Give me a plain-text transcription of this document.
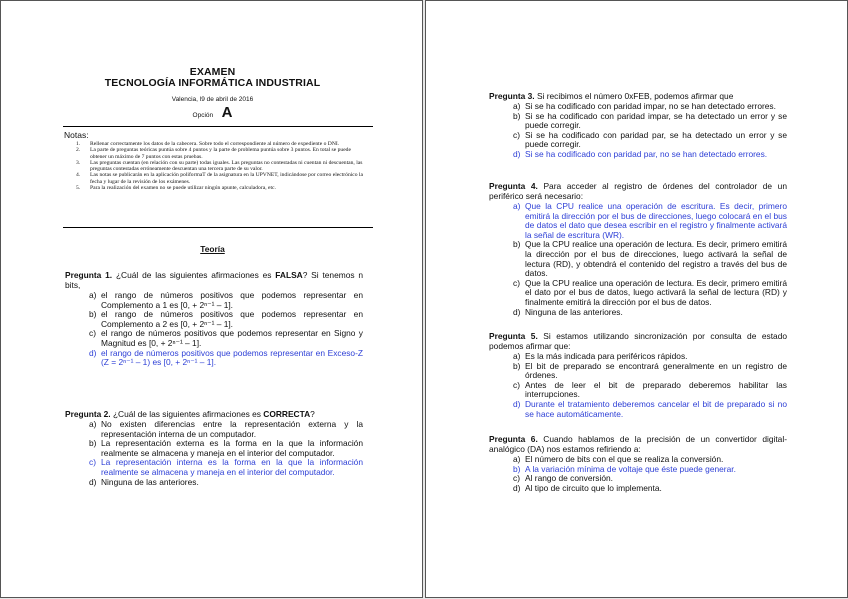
EXAMEN
TECNOLOGÍA INFORMÁTICA INDUSTRIAL
Valencia, l9 de abril de 2016
Opción A
Notas:
1. Rellenar correctamente los datos de la cabecera. Sobre todo el correspondiente al número de expediente o DNI.
2. La parte de preguntas teóricas puntúa sobre 4 puntos y la parte de problema puntúa sobre 3 puntos. En total se puede obtener un máximo de 7 puntos con estas pruebas.
3. Las preguntas cuentan (en relación con su parte) todas iguales. Las preguntas no contestadas ni cuentan ni descuentan, las preguntas contestadas erróneamente descuentan una tercera parte de su valor.
4. Las notas se publicarán en la aplicación poliformaT de la asignatura en la UPVNET, indicándose por correo electrónico la fecha y lugar de la revisión de los exámenes.
5. Para la realización del examen no se puede utilizar ningún apunte, calculadora, etc.
Teoría
Pregunta 1. ¿Cuál de las siguientes afirmaciones es FALSA? Si tenemos n bits,
a) el rango de números positivos que podemos representar en Complemento a 1 es [0, + 2ⁿ⁻¹ – 1].
b) el rango de números positivos que podemos representar en Complemento a 2 es [0, + 2ⁿ⁻¹ – 1].
c) el rango de números positivos que podemos representar en Signo y Magnitud es [0, + 2ⁿ⁻¹ – 1].
d) el rango de números positivos que podemos representar en Exceso-Z (Z = 2ⁿ⁻¹ – 1) es [0, + 2ⁿ⁻¹ – 1].
Pregunta 2. ¿Cuál de las siguientes afirmaciones es CORRECTA?
a) No existen diferencias entre la representación externa y la representación interna de un computador.
b) La representación externa es la forma en la que la información realmente se almacena y maneja en el interior del computador.
c) La representación interna es la forma en la que la información realmente se almacena y maneja en el interior del computador.
d) Ninguna de las anteriores.
Pregunta 3. Si recibimos el número 0xFEB, podemos afirmar que
a) Si se ha codificado con paridad impar, no se han detectado errores.
b) Si se ha codificado con paridad impar, se ha detectado un error y se puede corregir.
c) Si se ha codificado con paridad par, se ha detectado un error y se puede corregir.
d) Si se ha codificado con paridad par, no se han detectado errores.
Pregunta 4. Para acceder al registro de órdenes del controlador de un periférico será necesario:
a) Que la CPU realice una operación de escritura. Es decir, primero emitirá la dirección por el bus de direcciones, luego colocará en el bus de datos el dato que desea escribir en el registro y finalmente activará la señal de escritura (WR).
b) Que la CPU realice una operación de lectura. Es decir, primero emitirá la dirección por el bus de direcciones, luego activará la señal de lectura (RD), y obtendrá el contenido del registro a través del bus de datos.
c) Que la CPU realice una operación de lectura. Es decir, primero emitirá el dato por el bus de datos, luego activará la señal de lectura (RD) y finalmente emitirá la dirección por el bus de datos.
d) Ninguna de las anteriores.
Pregunta 5. Si estamos utilizando sincronización por consulta de estado podemos afirmar que:
a) Es la más indicada para periféricos rápidos.
b) El bit de preparado se encontrará generalmente en un registro de órdenes.
c) Antes de leer el bit de preparado deberemos habilitar las interrupciones.
d) Durante el tratamiento deberemos cancelar el bit de preparado si no se hace automáticamente.
Pregunta 6. Cuando hablamos de la precisión de un convertidor digital-analógico (DA) nos estamos refiriendo a:
a) El número de bits con el que se realiza la conversión.
b) A la variación mínima de voltaje que éste puede generar.
c) Al rango de conversión.
d) Al tipo de circuito que lo implementa.
